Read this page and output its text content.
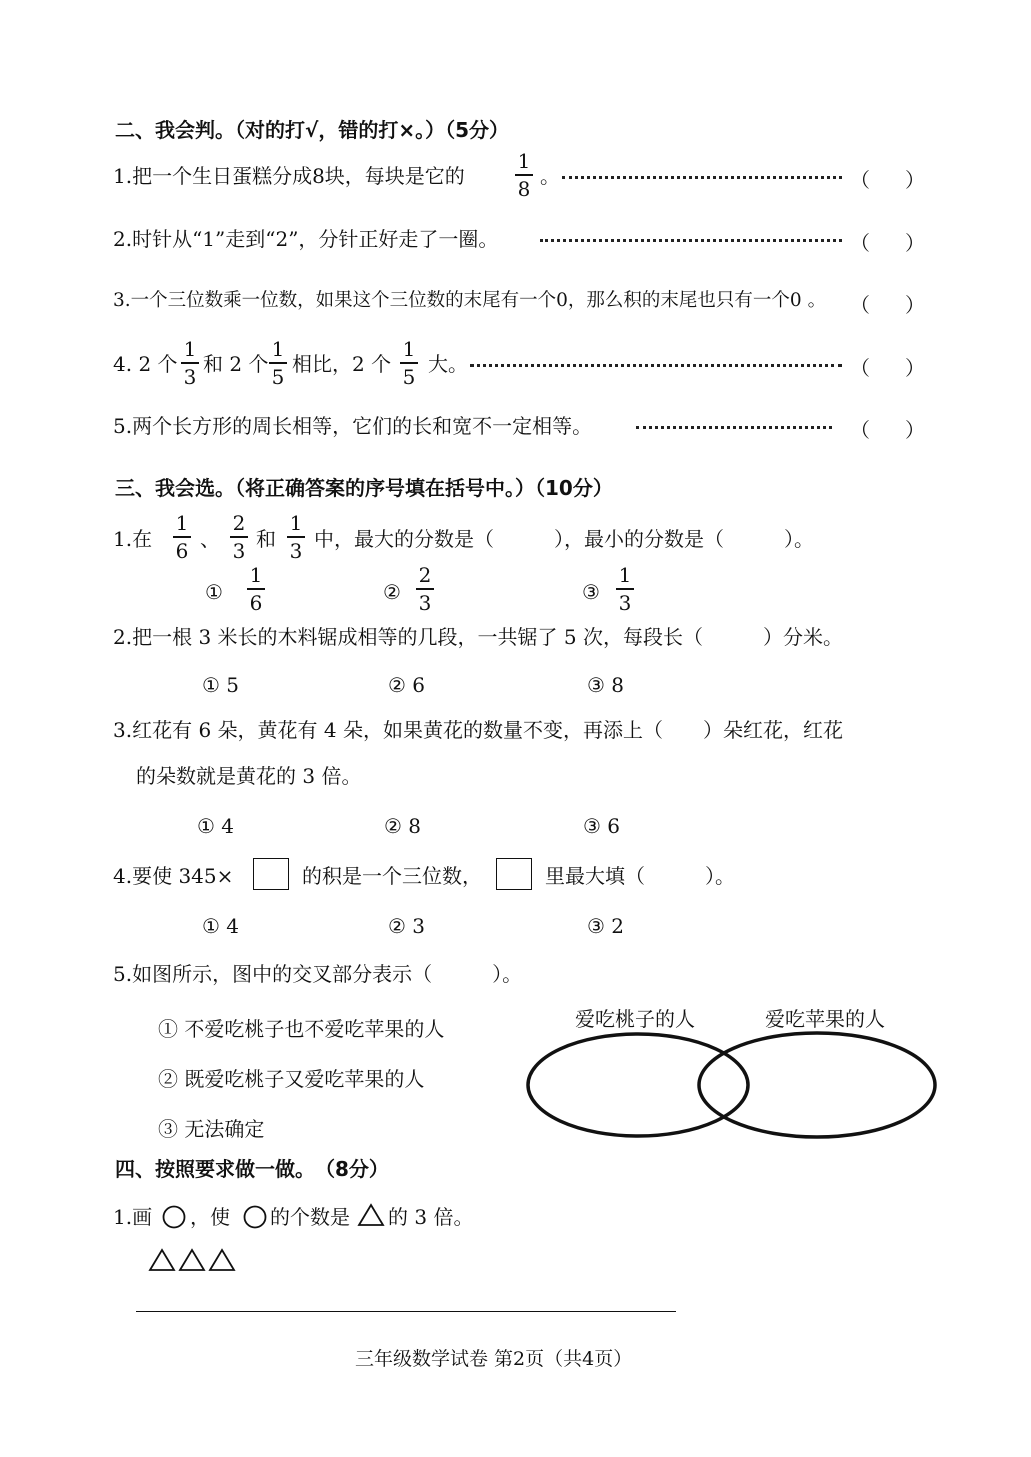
二、我会判。（对的打√，错的打×。）（5分）
1.把一个生日蛋糕分成8块，每块是它的
1
8
。	（ ）
2.时针从“1”走到“2”，分针正好走了一圈。	（ ）
3.一个三位数乘一位数，如果这个三位数的末尾有一个0，那么积的末尾也只有一个0 。 （ ）
4. 2 个
1
3
和 2 个
1
5
相比，2 个
1
5
大。	（ ）
5.两个长方形的周长相等，它们的长和宽不一定相等。	（ ）
三、我会选。（将正确答案的序号填在括号中。）（10分）
1.在
1
6 、
2
3 和
1
3 中，最大的分数是（　　　），最小的分数是（　　　）。
①
1
6	②
2
3	③
1
3
2.把一根 3 米长的木料锯成相等的几段，一共锯了 5 次，每段长（　　　）分米。
① 5	② 6	③ 8
3.红花有 6 朵，黄花有 4 朵，如果黄花的数量不变，再添上（　　）朵红花，红花
的朵数就是黄花的 3 倍。
① 4	② 8	③ 6
4.要使 345×	的积是一个三位数，	里最大填（　　　）。
① 4	② 3	③ 2
5.如图所示，图中的交叉部分表示（　　　）。
① 不爱吃桃子也不爱吃苹果的人
② 既爱吃桃子又爱吃苹果的人
③ 无法确定
爱吃桃子的人	爱吃苹果的人
四、按照要求做一做。　（8分）
1.画 ，使 的个数是 的 3 倍。
三年级数学试卷 第2页（共4页）
